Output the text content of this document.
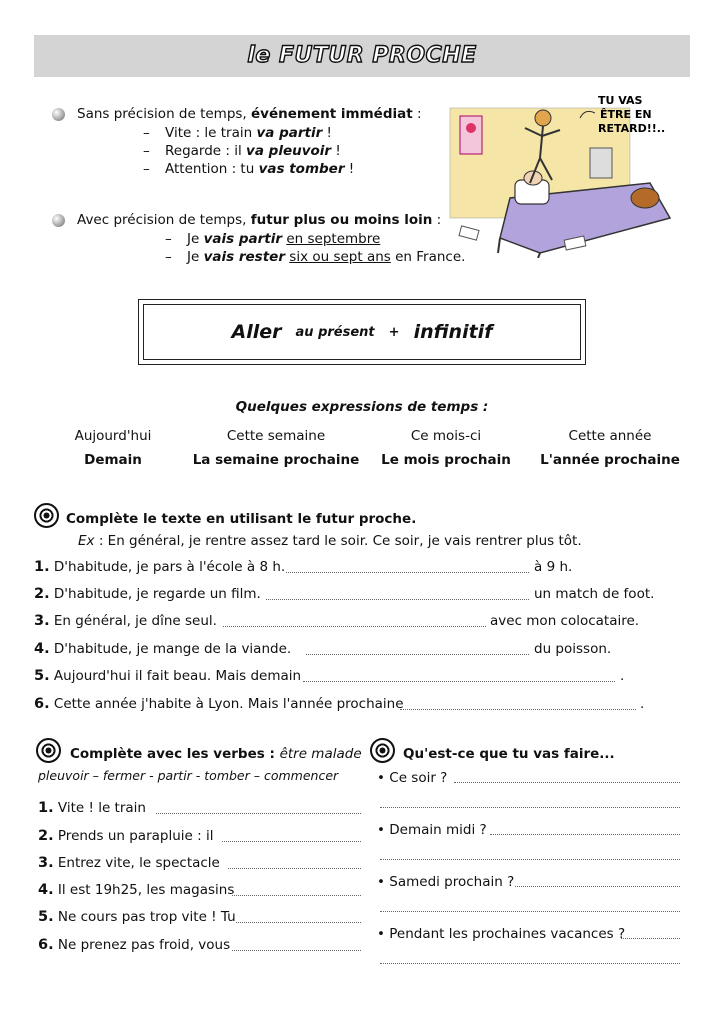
le FUTUR PROCHE
Sans précision de temps, événement immédiat :
– Vite : le train va partir !
– Regarde : il va pleuvoir !
– Attention : tu vas tomber !
Avec précision de temps, futur plus ou moins loin :
– Je vais partir en septembre
– Je vais rester six ou sept ans en France.
TU VAS
ÊTRE EN
RETARD!!..
Aller au présent + infinitif
Quelques expressions de temps :
Aujourd'hui	Cette semaine	Ce mois-ci	Cette année
Demain	La semaine prochaine	Le mois prochain	L'année prochaine
Complète le texte en utilisant le futur proche.
Ex : En général, je rentre assez tard le soir. Ce soir, je vais rentrer plus tôt.
1. D'habitude, je pars à l'école à 8 h.	à 9 h.
2. D'habitude, je regarde un film.	un match de foot.
3. En général, je dîne seul.	avec mon colocataire.
4. D'habitude, je mange de la viande.	du poisson.
5. Aujourd'hui il fait beau. Mais demain	.
6. Cette année j'habite à Lyon. Mais l'année prochaine	.
Complète avec les verbes : être malade
pleuvoir – fermer - partir - tomber – commencer
1. Vite ! le train
2. Prends un parapluie : il
3. Entrez vite, le spectacle
4. Il est 19h25, les magasins
5. Ne cours pas trop vite ! Tu
6. Ne prenez pas froid, vous
Qu'est-ce que tu vas faire...
• Ce soir ?
• Demain midi ?
• Samedi prochain ?
• Pendant les prochaines vacances ?
